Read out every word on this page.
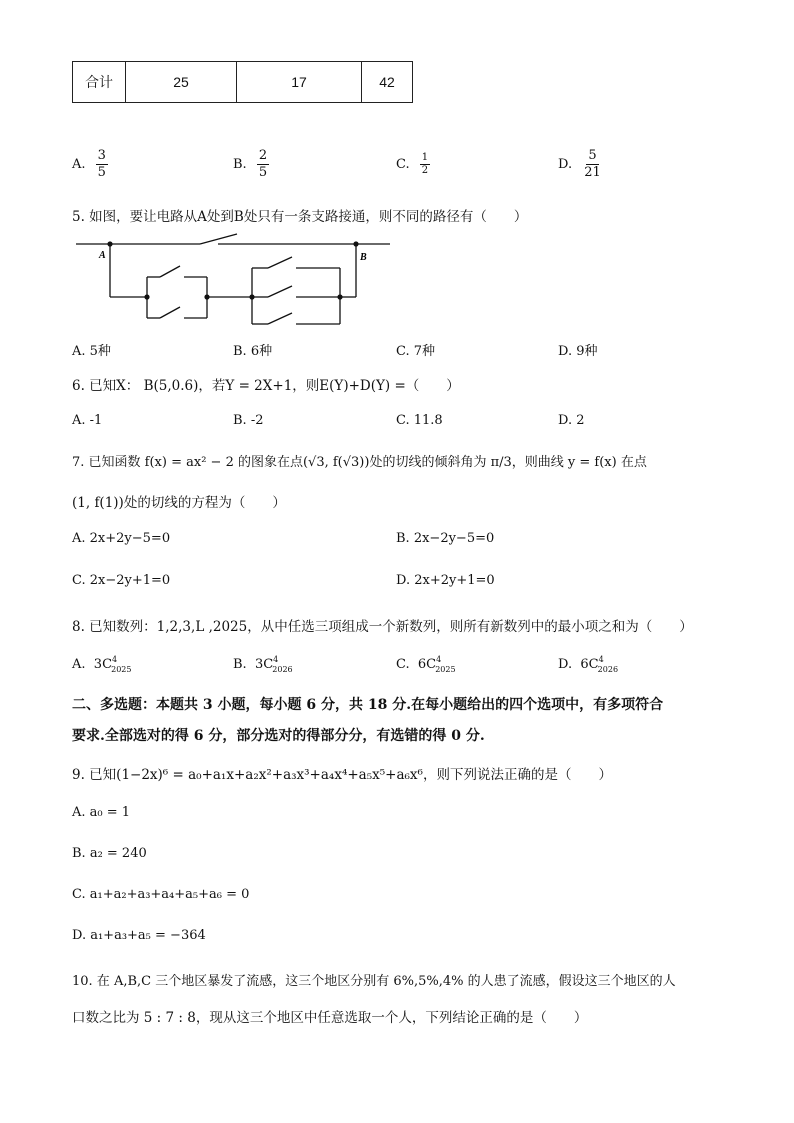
合计	25	17	42
A. $\frac{3}{5}$	B. $\frac{2}{5}$	C. $\frac{1}{2}$	D. $\frac{5}{21}$
5. 如图，要让电路从A处到B处只有一条支路接通，则不同的路径有（　　）
A	B
A. 5种	B. 6种	C. 7种	D. 9种
6. 已知X： B(5,0.6)，若Y = 2X+1，则E(Y)+D(Y) =（　　）
A. -1	B. -2	C. 11.8	D. 2
7. 已知函数 f(x) = ax² − 2 的图象在点(√3, f(√3))处的切线的倾斜角为 π/3，则曲线 y = f(x) 在点
(1, f(1))处的切线的方程为（　　）
A. 2x+2y−5=0	B. 2x−2y−5=0
C. 2x−2y+1=0	D. 2x+2y+1=0
8. 已知数列：1,2,3,L ,2025，从中任选三项组成一个新数列，则所有新数列中的最小项之和为（　　）
A. $3C^4_{2025}$	B. $3C^4_{2026}$	C. $6C^4_{2025}$	D. $6C^4_{2026}$
二、多选题：本题共 3 小题，每小题 6 分，共 18 分.在每小题给出的四个选项中，有多项符合
要求.全部选对的得 6 分，部分选对的得部分分，有选错的得 0 分.
9. 已知(1−2x)⁶ = a₀+a₁x+a₂x²+a₃x³+a₄x⁴+a₅x⁵+a₆x⁶，则下列说法正确的是（　　）
A. a₀ = 1
B. a₂ = 240
C. a₁+a₂+a₃+a₄+a₅+a₆ = 0
D. a₁+a₃+a₅ = −364
10. 在 A,B,C 三个地区暴发了流感，这三个地区分别有 6%,5%,4% 的人患了流感，假设这三个地区的人
口数之比为 5 : 7 : 8，现从这三个地区中任意选取一个人，下列结论正确的是（　　）
